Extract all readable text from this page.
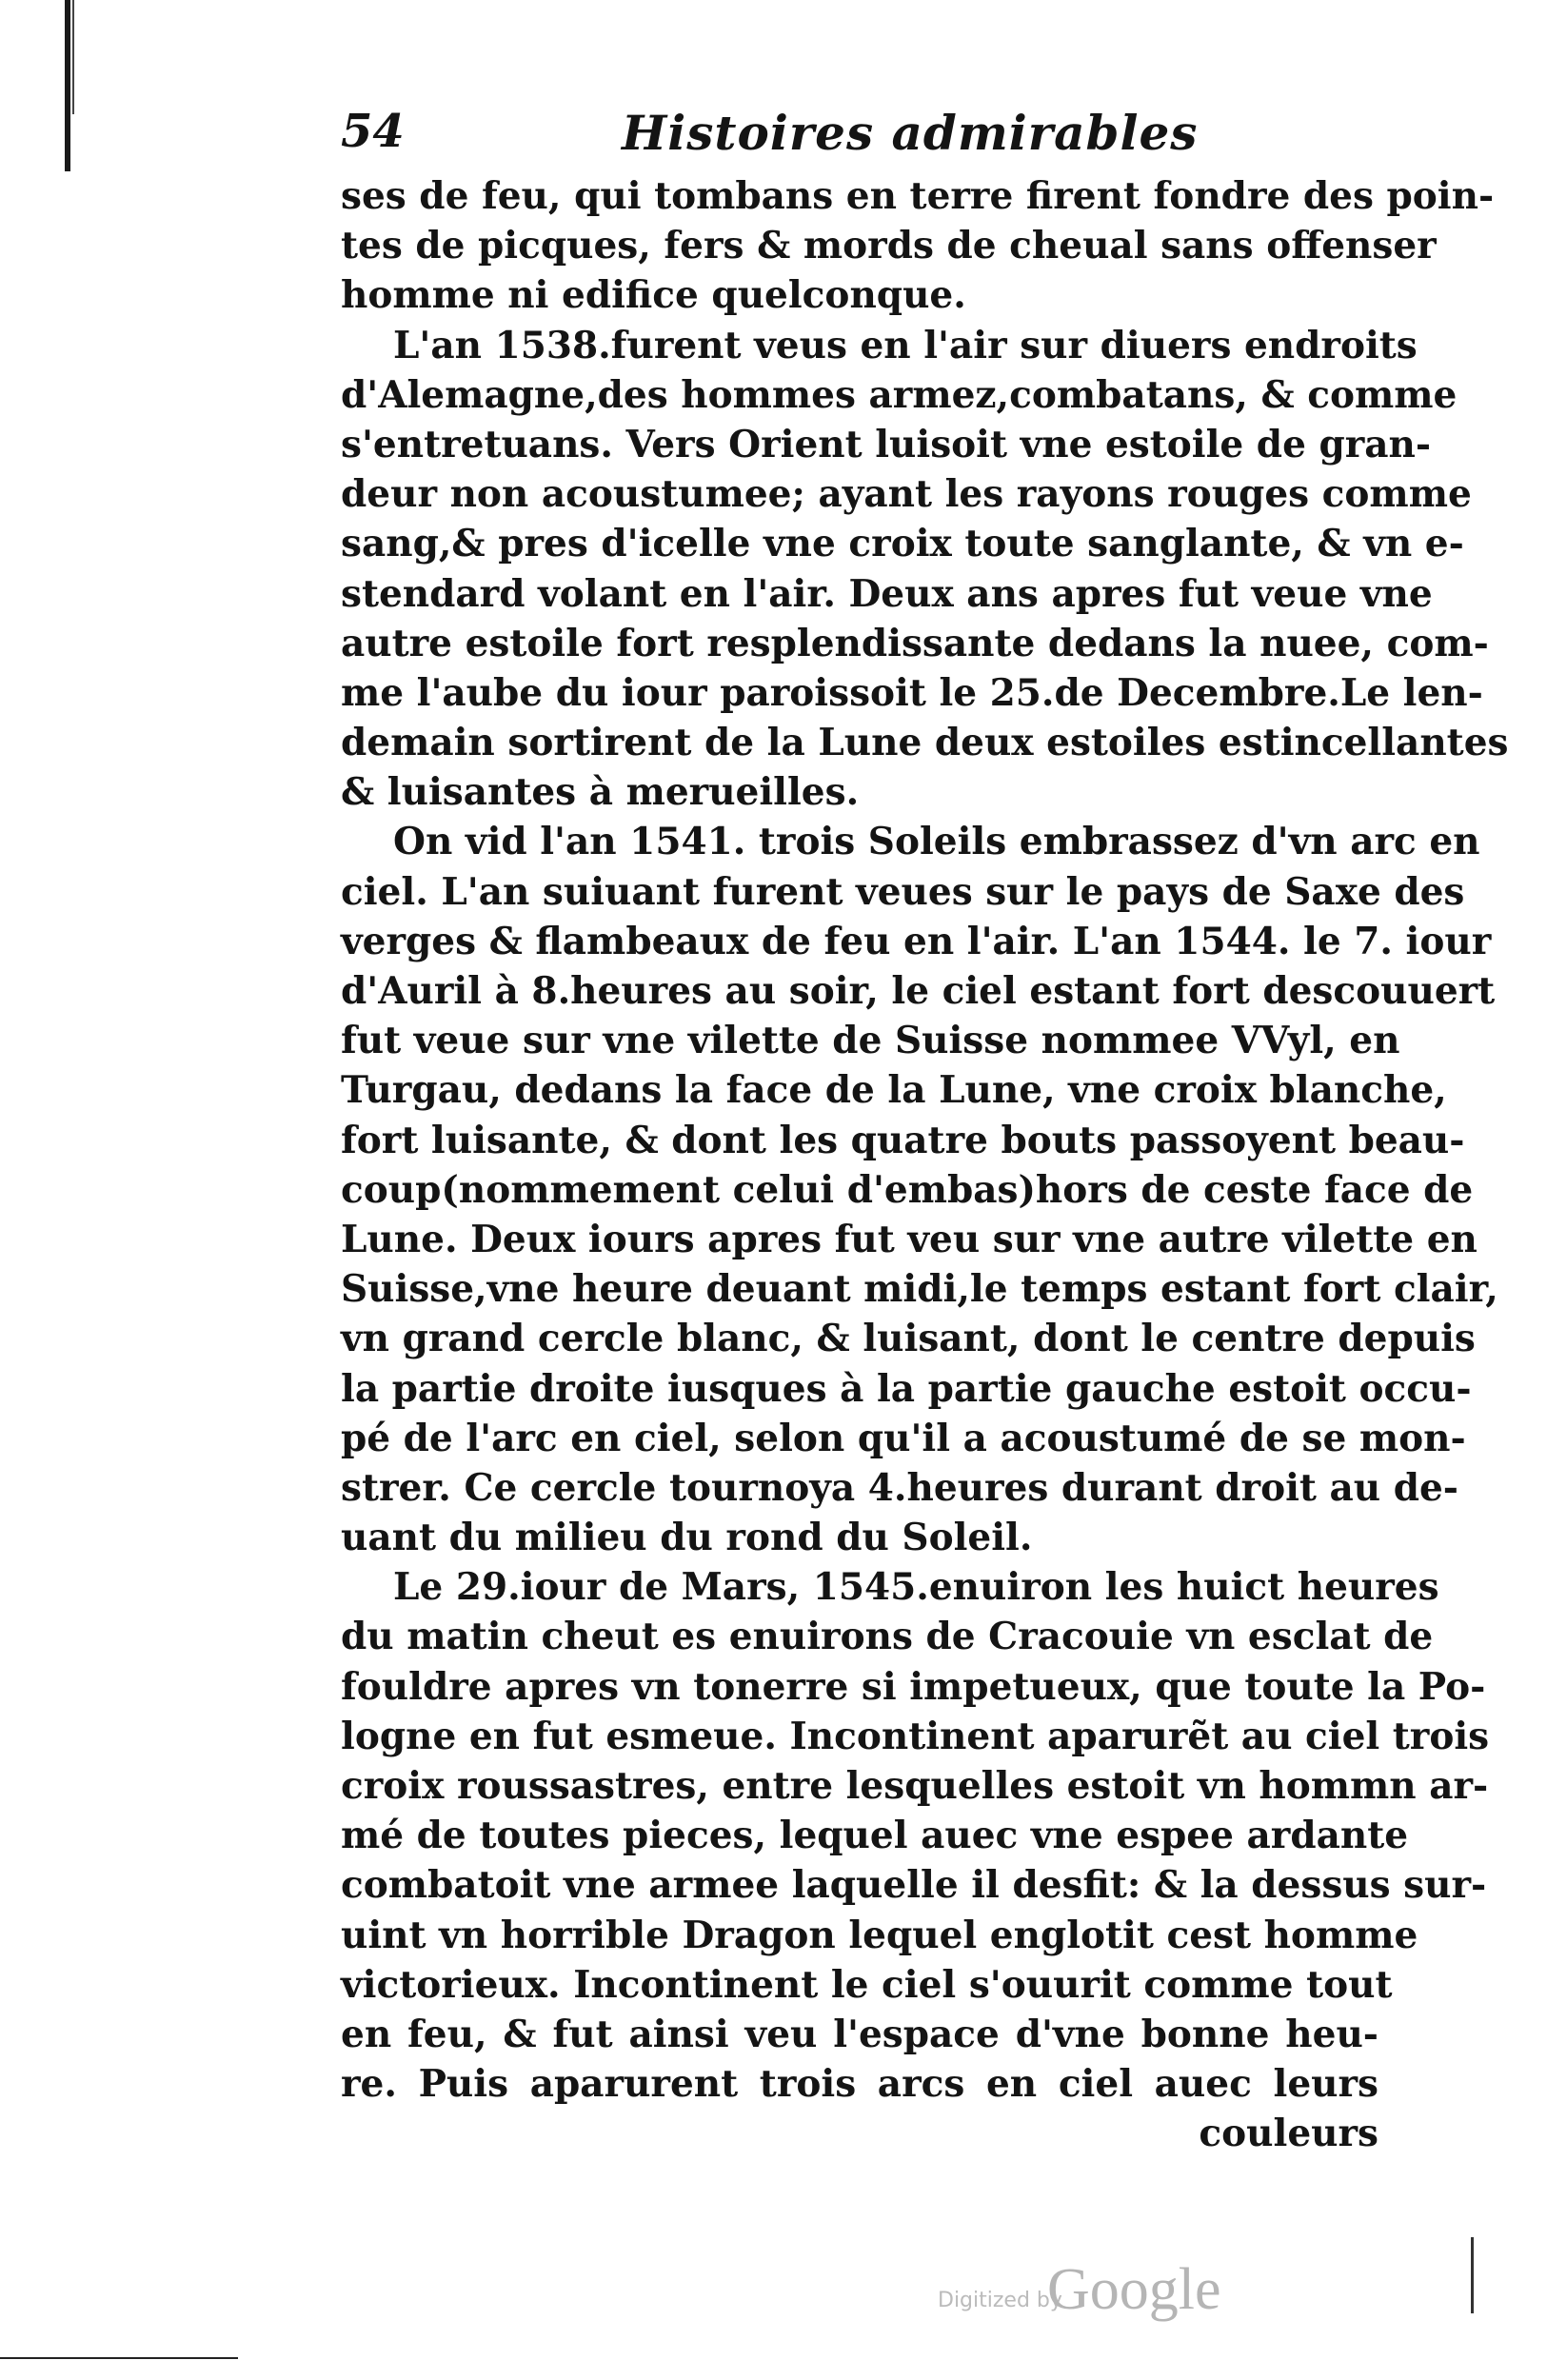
54	Histoires admirables
ses de feu, qui tombans en terre firent fondre des poin-
tes de picques, fers & mords de cheual sans offenser
homme ni edifice quelconque.
L'an 1538.furent veus en l'air sur diuers endroits
d'Alemagne,des hommes armez,combatans, & comme
s'entretuans. Vers Orient luisoit vne estoile de gran-
deur non acoustumee; ayant les rayons rouges comme
sang,& pres d'icelle vne croix toute sanglante, & vn e-
stendard volant en l'air. Deux ans apres fut veue vne
autre estoile fort resplendissante dedans la nuee, com-
me l'aube du iour paroissoit le 25.de Decembre.Le len-
demain sortirent de la Lune deux estoiles estincellantes
& luisantes à merueilles.
On vid l'an 1541. trois Soleils embrassez d'vn arc en
ciel. L'an suiuant furent veues sur le pays de Saxe des
verges & flambeaux de feu en l'air. L'an 1544. le 7. iour
d'Auril à 8.heures au soir, le ciel estant fort descouuert
fut veue sur vne vilette de Suisse nommee VVyl, en
Turgau, dedans la face de la Lune, vne croix blanche,
fort luisante, & dont les quatre bouts passoyent beau-
coup(nommement celui d'embas)hors de ceste face de
Lune. Deux iours apres fut veu sur vne autre vilette en
Suisse,vne heure deuant midi,le temps estant fort clair,
vn grand cercle blanc, & luisant, dont le centre depuis
la partie droite iusques à la partie gauche estoit occu-
pé de l'arc en ciel, selon qu'il a acoustumé de se mon-
strer. Ce cercle tournoya 4.heures durant droit au de-
uant du milieu du rond du Soleil.
Le 29.iour de Mars, 1545.enuiron les huict heures
du matin cheut es enuirons de Cracouie vn esclat de
fouldre apres vn tonerre si impetueux, que toute la Po-
logne en fut esmeue. Incontinent aparurẽt au ciel trois
croix roussastres, entre lesquelles estoit vn hommn ar-
mé de toutes pieces, lequel auec vne espee ardante
combatoit vne armee laquelle il desfit: & la dessus sur-
uint vn horrible Dragon lequel englotit cest homme
victorieux. Incontinent le ciel s'ouurit comme tout
en feu, & fut ainsi veu l'espace d'vne bonne heu-
re. Puis aparurent trois arcs en ciel auec leurs
couleurs
Digitized by
Google
